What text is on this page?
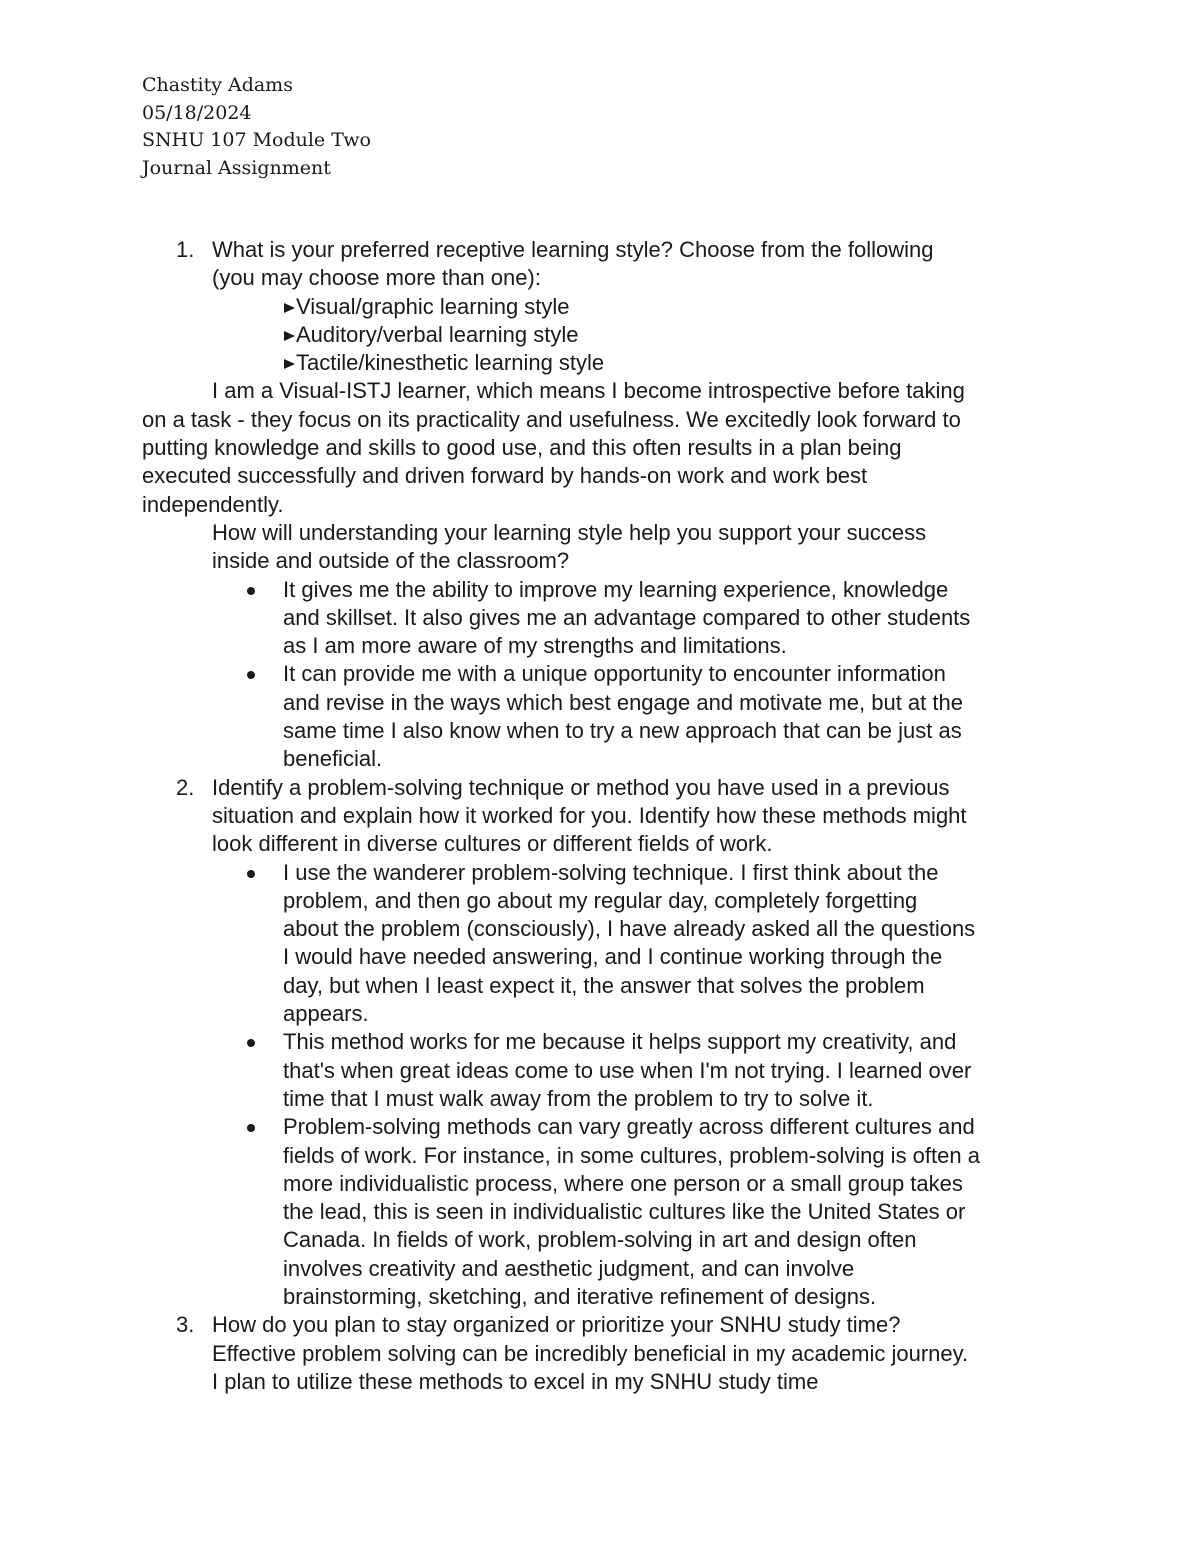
Chastity Adams
05/18/2024
SNHU 107 Module Two
Journal Assignment
1. What is your preferred receptive learning style? Choose from the following
(you may choose more than one):
Visual/graphic learning style
Auditory/verbal learning style
Tactile/kinesthetic learning style
I am a Visual-ISTJ learner, which means I become introspective before taking
on a task - they focus on its practicality and usefulness. We excitedly look forward to
putting knowledge and skills to good use, and this often results in a plan being
executed successfully and driven forward by hands-on work and work best
independently.
How will understanding your learning style help you support your success
inside and outside of the classroom?
It gives me the ability to improve my learning experience, knowledge
and skillset. It also gives me an advantage compared to other students
as I am more aware of my strengths and limitations.
It can provide me with a unique opportunity to encounter information
and revise in the ways which best engage and motivate me, but at the
same time I also know when to try a new approach that can be just as
beneficial.
2. Identify a problem-solving technique or method you have used in a previous
situation and explain how it worked for you. Identify how these methods might
look different in diverse cultures or different fields of work.
I use the wanderer problem-solving technique. I first think about the
problem, and then go about my regular day, completely forgetting
about the problem (consciously), I have already asked all the questions
I would have needed answering, and I continue working through the
day, but when I least expect it, the answer that solves the problem
appears.
This method works for me because it helps support my creativity, and
that's when great ideas come to use when I'm not trying. I learned over
time that I must walk away from the problem to try to solve it.
Problem-solving methods can vary greatly across different cultures and
fields of work. For instance, in some cultures, problem-solving is often a
more individualistic process, where one person or a small group takes
the lead, this is seen in individualistic cultures like the United States or
Canada. In fields of work, problem-solving in art and design often
involves creativity and aesthetic judgment, and can involve
brainstorming, sketching, and iterative refinement of designs.
3. How do you plan to stay organized or prioritize your SNHU study time?
Effective problem solving can be incredibly beneficial in my academic journey.
I plan to utilize these methods to excel in my SNHU study time
